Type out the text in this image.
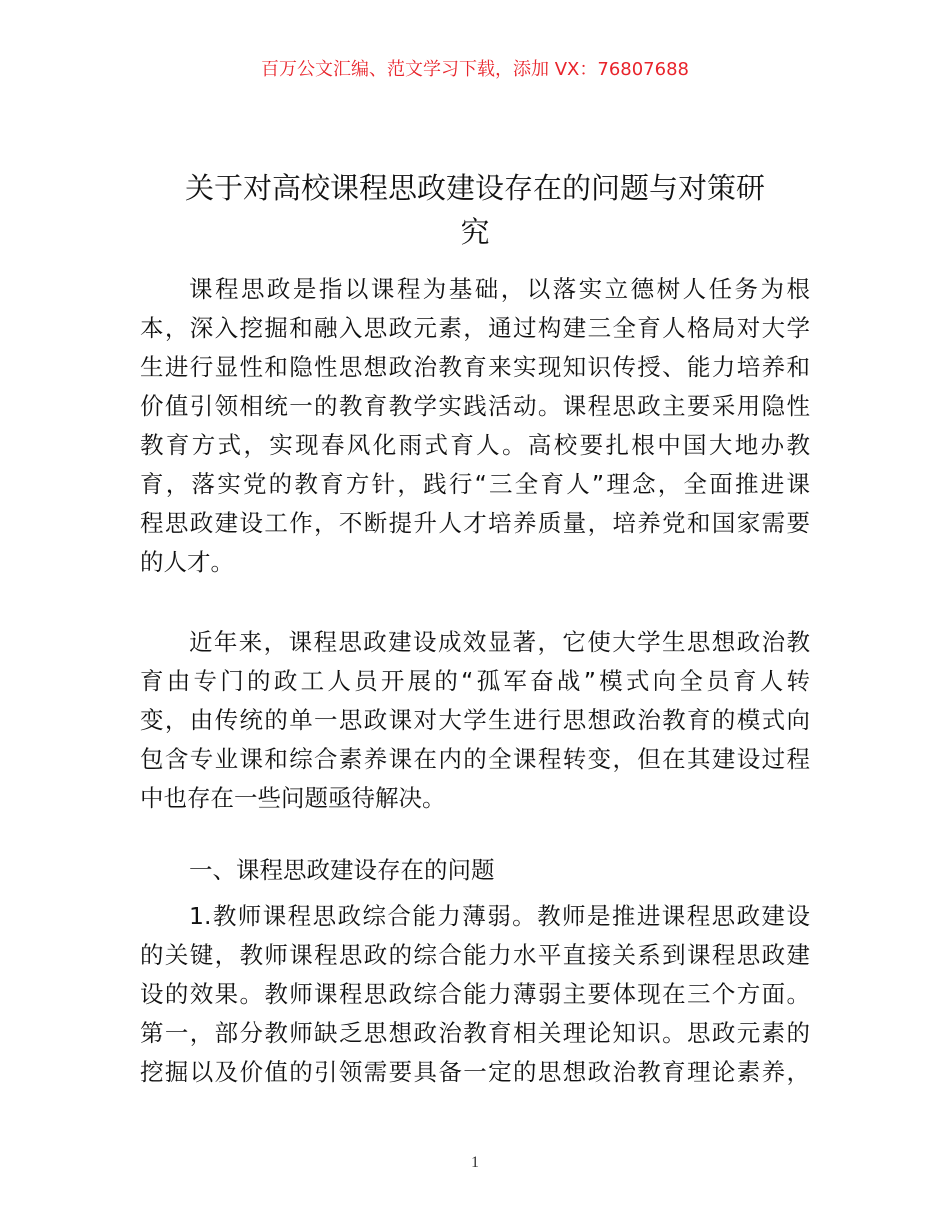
百万公文汇编、范文学习下载，添加 VX：76807688
关于对高校课程思政建设存在的问题与对策研
究
课程思政是指以课程为基础，以落实立德树人任务为根
本，深入挖掘和融入思政元素，通过构建三全育人格局对大学
生进行显性和隐性思想政治教育来实现知识传授、能力培养和
价值引领相统一的教育教学实践活动。课程思政主要采用隐性
教育方式，实现春风化雨式育人。高校要扎根中国大地办教
育，落实党的教育方针，践行“三全育人”理念，全面推进课
程思政建设工作，不断提升人才培养质量，培养党和国家需要
的人才。
近年来，课程思政建设成效显著，它使大学生思想政治教
育由专门的政工人员开展的“孤军奋战”模式向全员育人转
变，由传统的单一思政课对大学生进行思想政治教育的模式向
包含专业课和综合素养课在内的全课程转变，但在其建设过程
中也存在一些问题亟待解决。
一、课程思政建设存在的问题
1.教师课程思政综合能力薄弱。教师是推进课程思政建设
的关键，教师课程思政的综合能力水平直接关系到课程思政建
设的效果。教师课程思政综合能力薄弱主要体现在三个方面。
第一，部分教师缺乏思想政治教育相关理论知识。思政元素的
挖掘以及价值的引领需要具备一定的思想政治教育理论素养，
1
